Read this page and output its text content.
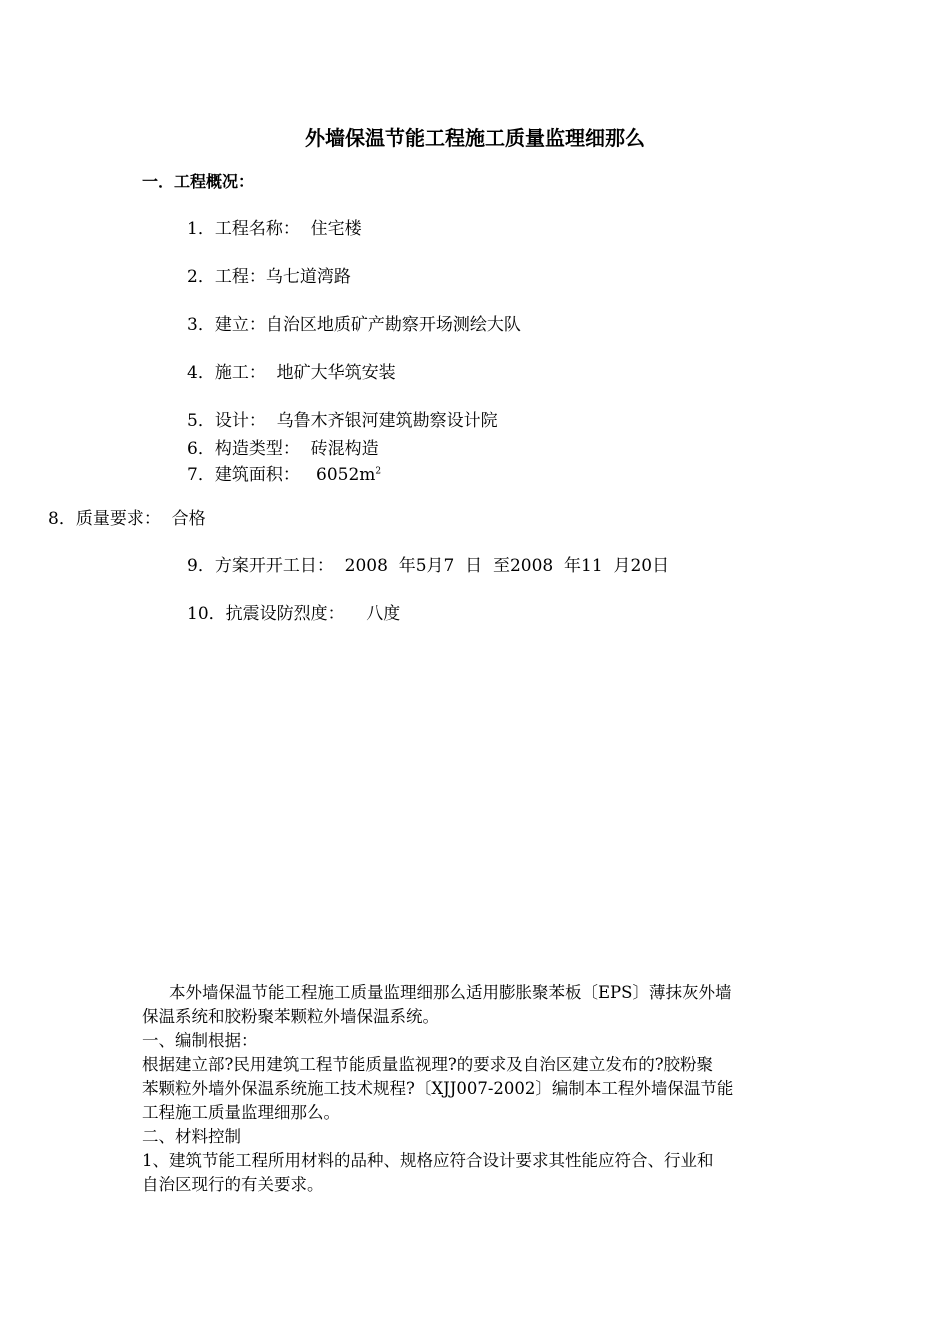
外墙保温节能工程施工质量监理细那么
一．工程概况：
1．工程名称：  住宅楼
2．工程：乌七道湾路
3．建立：自治区地质矿产勘察开场测绘大队
4．施工：  地矿大华筑安装
5．设计：  乌鲁木齐银河建筑勘察设计院
6．构造类型：  砖混构造
7．建筑面积：   $6052m^2$
8．质量要求：  合格
9．方案开开工日：  2008  年5月7  日  至2008  年11  月20日
10．抗震设防烈度：    八度
本外墙保温节能工程施工质量监理细那么适用膨胀聚苯板〔EPS〕薄抹灰外墙
保温系统和胶粉聚苯颗粒外墙保温系统。
一、编制根据：
根据建立部?民用建筑工程节能质量监视理?的要求及自治区建立发布的?胶粉聚
苯颗粒外墙外保温系统施工技术规程?〔XJJ007-2002〕编制本工程外墙保温节能
工程施工质量监理细那么。
二、材料控制
1、建筑节能工程所用材料的品种、规格应符合设计要求其性能应符合、行业和
自治区现行的有关要求。
